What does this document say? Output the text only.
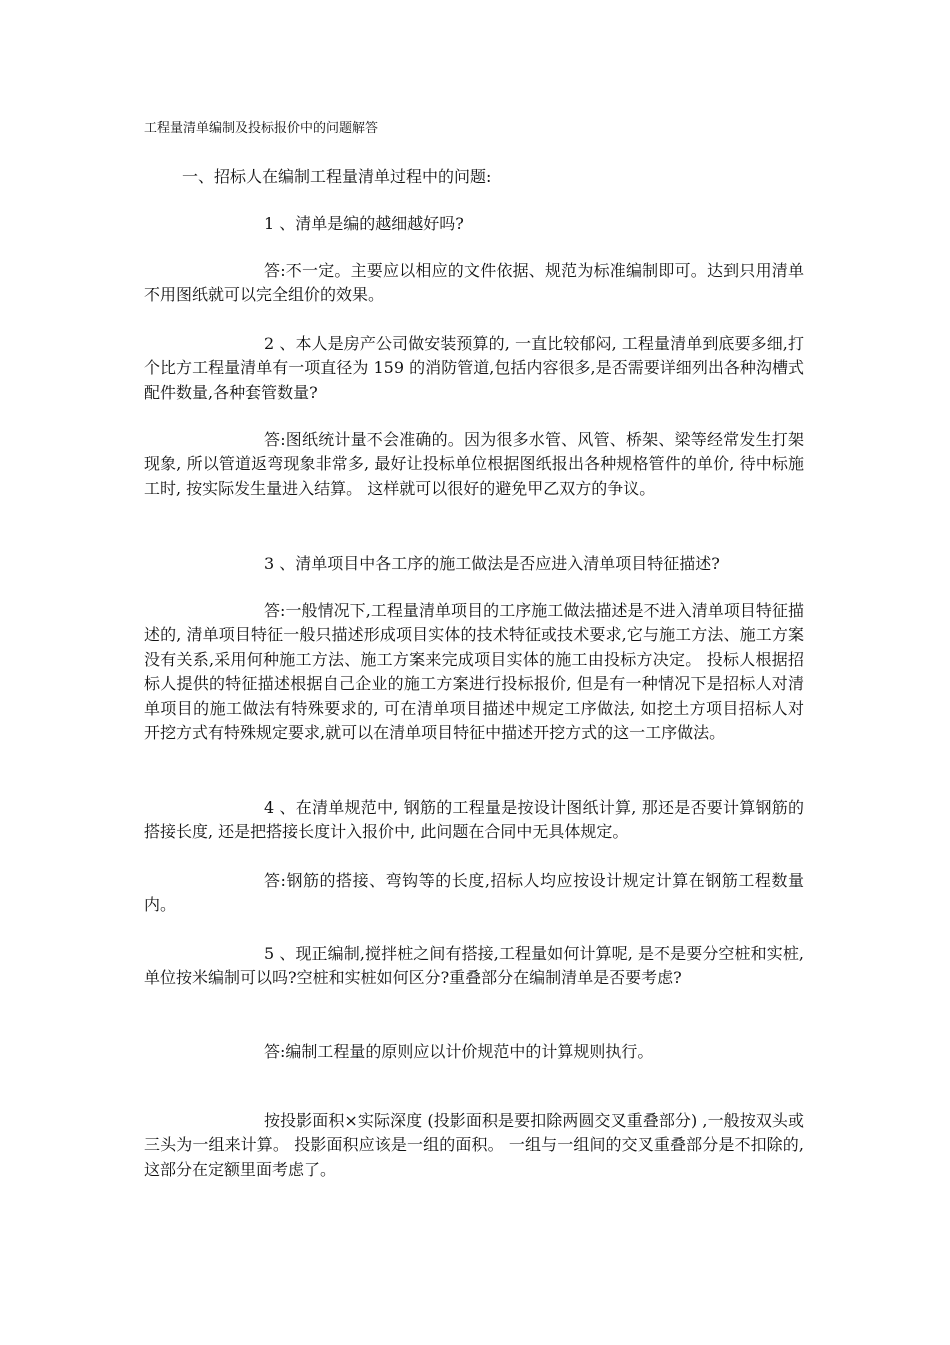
工程量清单编制及投标报价中的问题解答
一、招标人在编制工程量清单过程中的问题:

1 、清单是编的越细越好吗?

答:不一定。主要应以相应的文件依据、规范为标准编制即可。达到只用清单不用图纸就可以完全组价的效果。

2 、本人是房产公司做安装预算的, 一直比较郁闷, 工程量清单到底要多细,打个比方工程量清单有一项直径为 159 的消防管道,包括内容很多,是否需要详细列出各种沟槽式配件数量,各种套管数量?

答:图纸统计量不会准确的。因为很多水管、风管、桥架、梁等经常发生打架现象, 所以管道返弯现象非常多, 最好让投标单位根据图纸报出各种规格管件的单价, 待中标施工时, 按实际发生量进入结算。 这样就可以很好的避免甲乙双方的争议。

3 、清单项目中各工序的施工做法是否应进入清单项目特征描述?

答:一般情况下,工程量清单项目的工序施工做法描述是不进入清单项目特征描述的, 清单项目特征一般只描述形成项目实体的技术特征或技术要求,它与施工方法、施工方案没有关系,采用何种施工方法、施工方案来完成项目实体的施工由投标方决定。 投标人根据招标人提供的特征描述根据自己企业的施工方案进行投标报价, 但是有一种情况下是招标人对清单项目的施工做法有特殊要求的, 可在清单项目描述中规定工序做法, 如挖土方项目招标人对开挖方式有特殊规定要求,就可以在清单项目特征中描述开挖方式的这一工序做法。

4 、在清单规范中, 钢筋的工程量是按设计图纸计算, 那还是否要计算钢筋的搭接长度, 还是把搭接长度计入报价中, 此问题在合同中无具体规定。

答:钢筋的搭接、弯钩等的长度,招标人均应按设计规定计算在钢筋工程数量内。

5 、现正编制,搅拌桩之间有搭接,工程量如何计算呢, 是不是要分空桩和实桩, 单位按米编制可以吗?空桩和实桩如何区分?重叠部分在编制清单是否要考虑?

答:编制工程量的原则应以计价规范中的计算规则执行。

按投影面积×实际深度 (投影面积是要扣除两圆交叉重叠部分) ,一般按双头或三头为一组来计算。 投影面积应该是一组的面积。 一组与一组间的交叉重叠部分是不扣除的,这部分在定额里面考虑了。
